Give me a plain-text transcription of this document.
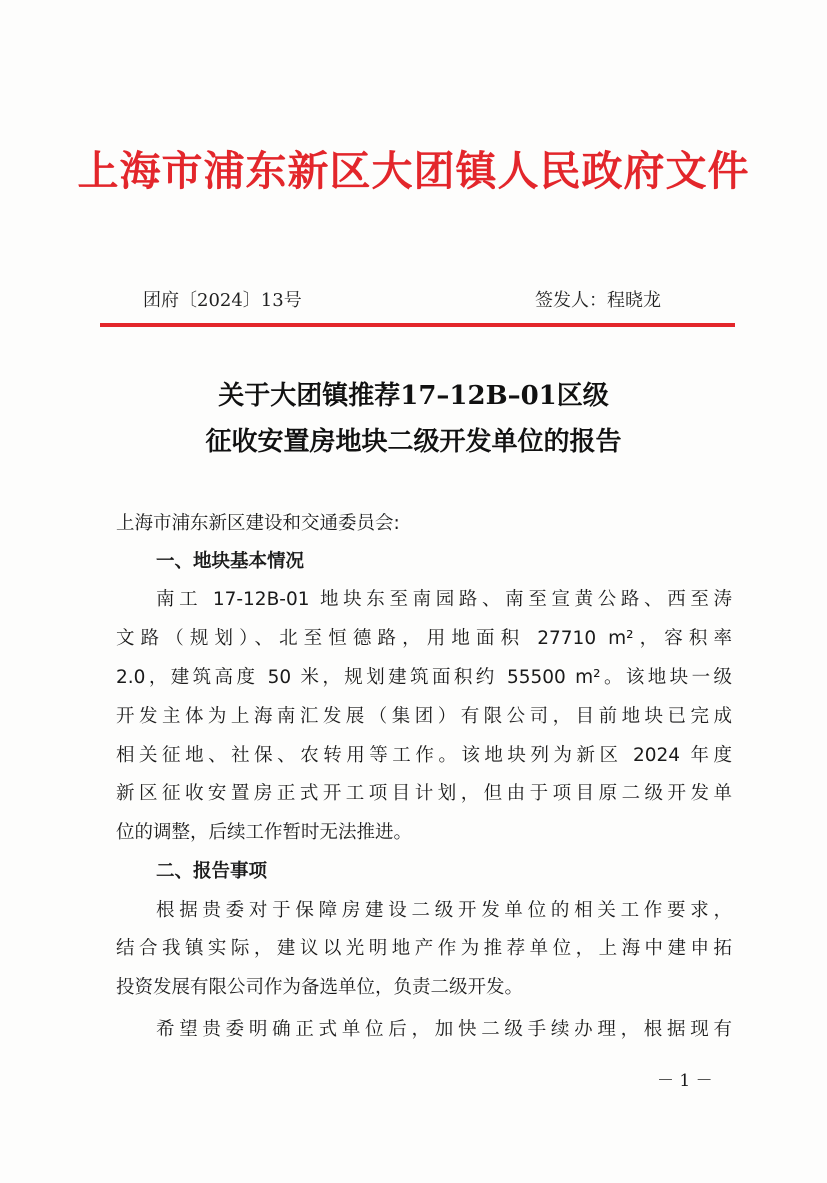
上海市浦东新区大团镇人民政府文件
团府〔2024〕13号	签发人：程晓龙
关于大团镇推荐17–12B–01区级
征收安置房地块二级开发单位的报告
上海市浦东新区建设和交通委员会:
一、地块基本情况
南工 17-12B-01 地块东至南园路、南至宣黄公路、西至涛
文路（规划）、北至恒德路，用地面积 27710 m²，容积率
2.0，建筑高度 50 米，规划建筑面积约 55500 m²。该地块一级
开发主体为上海南汇发展（集团）有限公司，目前地块已完成
相关征地、社保、农转用等工作。该地块列为新区 2024 年度
新区征收安置房正式开工项目计划，但由于项目原二级开发单
位的调整，后续工作暂时无法推进。
二、报告事项
根据贵委对于保障房建设二级开发单位的相关工作要求，
结合我镇实际，建议以光明地产作为推荐单位，上海中建申拓
投资发展有限公司作为备选单位，负责二级开发。
希望贵委明确正式单位后，加快二级手续办理，根据现有
－ 1 －
